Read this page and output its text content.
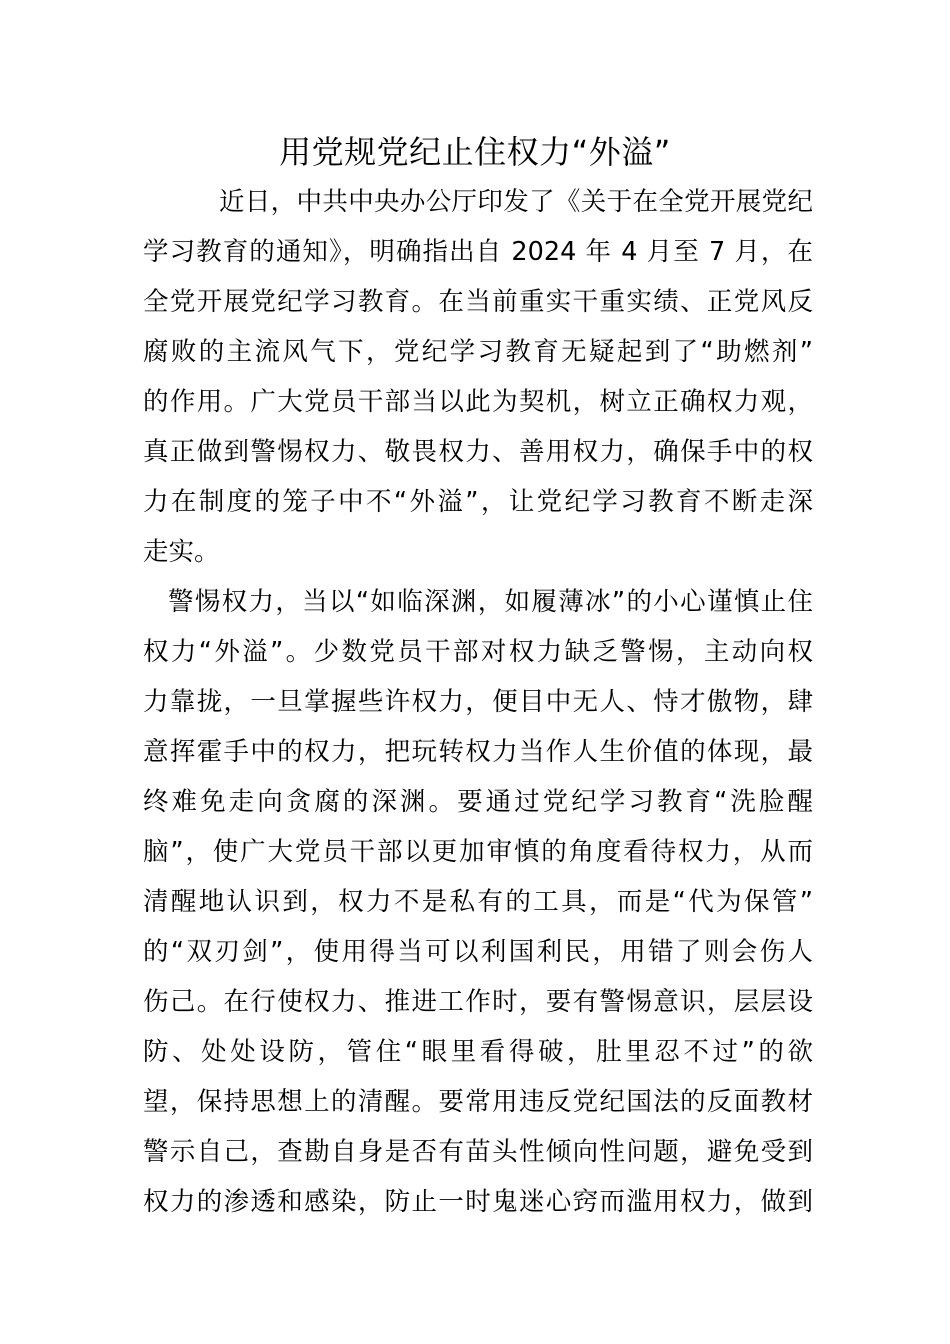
用党规党纪止住权力“外溢”
近日，中共中央办公厅印发了《关于在全党开展党纪
学习教育的通知》，明确指出自 2024 年 4 月至 7 月，在
全党开展党纪学习教育。在当前重实干重实绩、正党风反
腐败的主流风气下，党纪学习教育无疑起到了“助燃剂”
的作用。广大党员干部当以此为契机，树立正确权力观，
真正做到警惕权力、敬畏权力、善用权力，确保手中的权
力在制度的笼子中不“外溢”，让党纪学习教育不断走深
走实。
警惕权力，当以“如临深渊，如履薄冰”的小心谨慎止住
权力“外溢”。少数党员干部对权力缺乏警惕，主动向权
力靠拢，一旦掌握些许权力，便目中无人、恃才傲物，肆
意挥霍手中的权力，把玩转权力当作人生价值的体现，最
终难免走向贪腐的深渊。要通过党纪学习教育“洗脸醒
脑”，使广大党员干部以更加审慎的角度看待权力，从而
清醒地认识到，权力不是私有的工具，而是“代为保管”
的“双刃剑”，使用得当可以利国利民，用错了则会伤人
伤己。在行使权力、推进工作时，要有警惕意识，层层设
防、处处设防，管住“眼里看得破，肚里忍不过”的欲
望，保持思想上的清醒。要常用违反党纪国法的反面教材
警示自己，查勘自身是否有苗头性倾向性问题，避免受到
权力的渗透和感染，防止一时鬼迷心窍而滥用权力，做到
